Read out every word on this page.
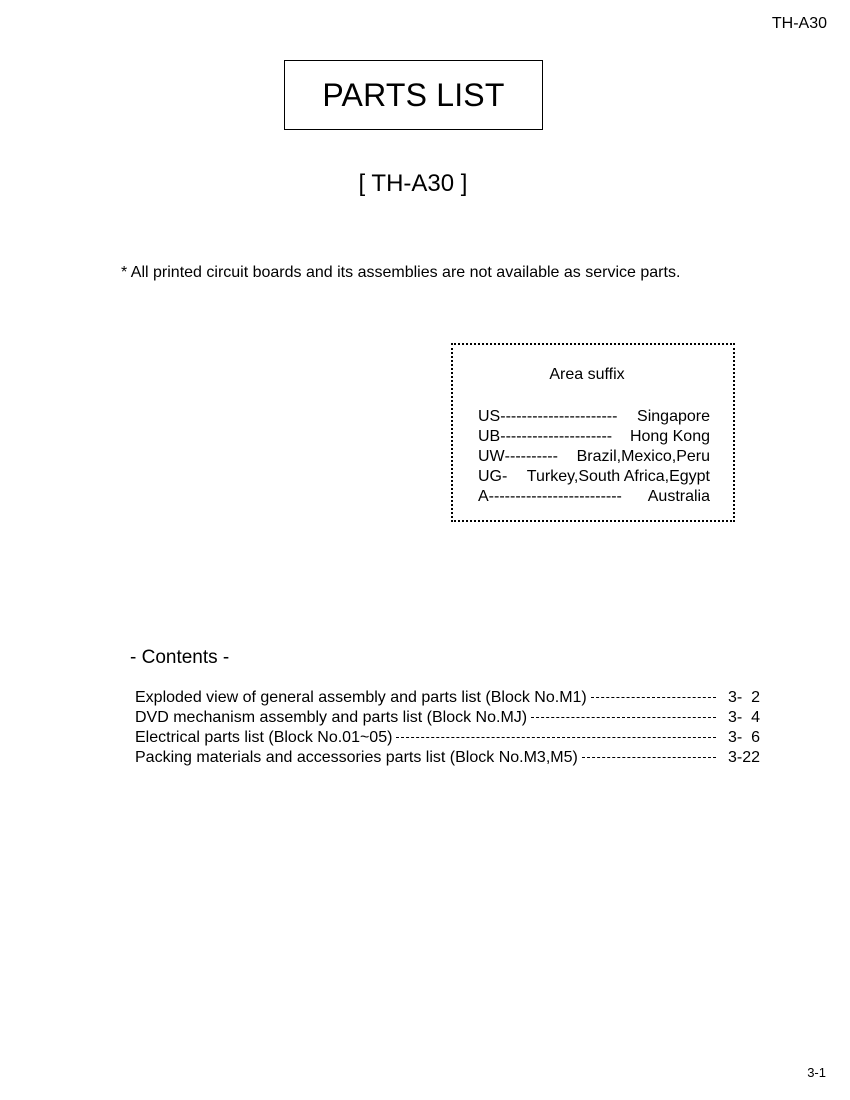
TH-A30
PARTS LIST
[ TH-A30 ]
* All printed circuit boards and its assemblies are not available as service parts.
Area suffix
US ----------------------	Singapore
UB ---------------------	Hong Kong
UW ----------	Brazil,Mexico,Peru
UG -	Turkey,South Africa,Egypt
A -------------------------	Australia
- Contents -
Exploded view of general assembly and parts list (Block No.M1)	3-  2
DVD mechanism assembly and parts list (Block No.MJ)	3-  4
Electrical parts list (Block No.01~05)	3-  6
Packing materials and accessories parts list (Block No.M3,M5)	3-22
3-1
